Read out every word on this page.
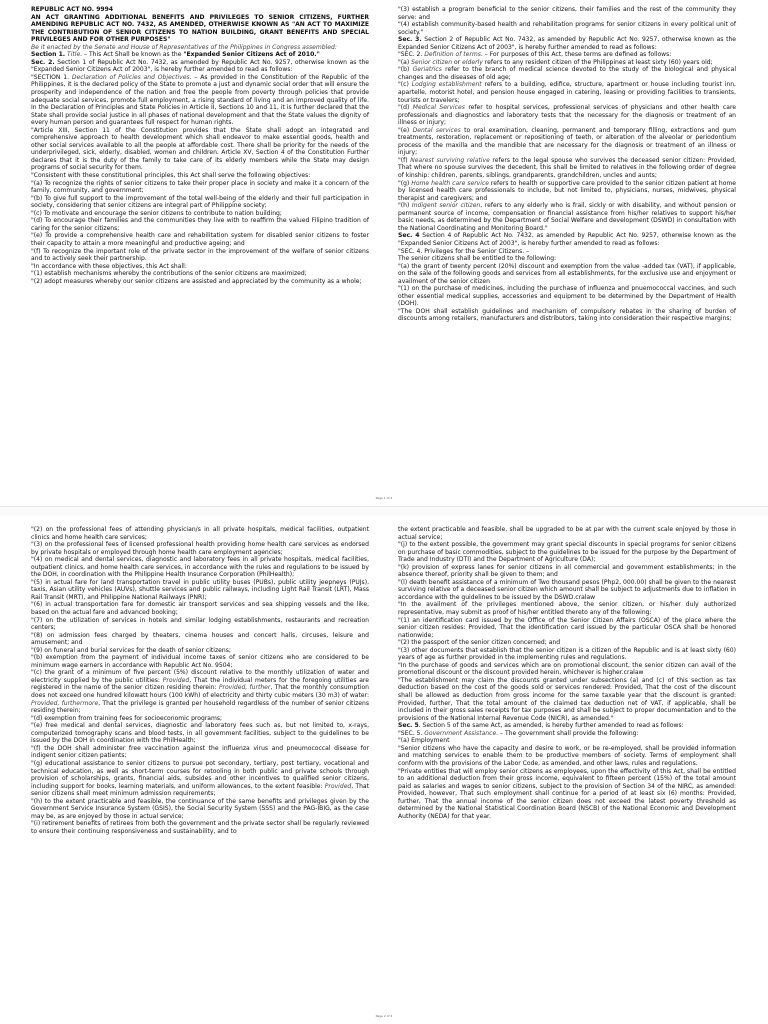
REPUBLIC ACT NO. 9994

AN ACT GRANTING ADDITIONAL BENEFITS AND PRIVILEGES TO SENIOR CITIZENS, FURTHER AMENDING REPUBLIC ACT NO. 7432, AS AMENDED, OTHERWISE KNOWN AS "AN ACT TO MAXIMIZE THE CONTRIBUTION OF SENIOR CITIZENS TO NATION BUILDING, GRANT BENEFITS AND SPECIAL PRIVILEGES AND FOR OTHER PURPOSES"

Be it enacted by the Senate and House of Representatives of the Philippines in Congress assembled:

Section 1. Title. – This Act Shall be known as the "Expanded Senior Citizens Act of 2010."

Sec. 2. Section 1 of Republic Act No. 7432, as amended by Republic Act No. 9257, otherwise known as the "Expanded Senior Citizens Act of 2003", is hereby further amended to read as follows:

"SECTION 1. Declaration of Policies and Objectives. – As provided in the Constitution of the Republic of the Philippines, it is the declared policy of the State to promote a just and dynamic social order that will ensure the prosperity and independence of the nation and free the people from poverty through policies that provide adequate social services, promote full employment, a rising standard of living and an improved quality of life. In the Declaration of Principles and State Policies in Article II, Sections 10 and 11, it is further declared that the State shall provide social justice in all phases of national development and that the State values the dignity of every human person and guarantees full respect for human rights.

"Article XIII, Section 11 of the Constitution provides that the State shall adopt an integrated and comprehensive approach to health development which shall endeavor to make essential goods, health and other social services available to all the people at affordable cost. There shall be priority for the needs of the underprivileged, sick, elderly, disabled, women and children. Article XV, Section 4 of the Constitution Further declares that it is the duty of the family to take care of its elderly members while the State may design programs of social security for them.

"Consistent with these constitutional principles, this Act shall serve the following objectives:

"(a) To recognize the rights of senior citizens to take their proper place in society and make it a concern of the family, community, and government;

"(b) To give full support to the improvement of the total well-being of the elderly and their full participation in society, considering that senior citizens are integral part of Philippine society;

"(c) To motivate and encourage the senior citizens to contribute to nation building;

"(d) To encourage their families and the communities they live with to reaffirm the valued Filipino tradition of caring for the senior citizens;

"(e) To provide a comprehensive health care and rehabilitation system for disabled senior citizens to foster their capacity to attain a more meaningful and productive ageing; and

"(f) To recognize the important role of the private sector in the improvement of the welfare of senior citizens and to actively seek their partnership.

"In accordance with these objectives, this Act shall:

"(1) establish mechanisms whereby the contributions of the senior citizens are maximized;

"(2) adopt measures whereby our senior citizens are assisted and appreciated by the community as a whole;

"(3) establish a program beneficial to the senior citizens, their families and the rest of the community they serve: and

"(4) establish community-based health and rehabilitation programs for senior citizens in every political unit of society."

Sec. 3. Section 2 of Republic Act No. 7432, as amended by Republic Act No. 9257, otherwise known as the Expanded Senior Citizens Act of 2003", is hereby further amended to read as follows:

"SEC. 2. Definition of terms. – For purposes of this Act, these terms are defined as follows:

"(a) Senior citizen or elderly refers to any resident citizen of the Philippines at least sixty (60) years old;

"(b) Geriatrics refer to the branch of medical science devoted to the study of the biological and physical changes and the diseases of old age;

"(c) Lodging establishment refers to a building, edifice, structure, apartment or house including tourist inn, apartelle, motorist hotel, and pension house engaged in catering, leasing or providing facilities to transients, tourists or travelers;

"(d) Medical Services refer to hospital services, professional services of physicians and other health care professionals and diagnostics and laboratory tests that the necessary for the diagnosis or treatment of an illness or injury;

"(e) Dental services to oral examination, cleaning, permanent and temporary filling, extractions and gum treatments, restoration, replacement or repositioning of teeth, or alteration of the alveolar or periodontium process of the maxilla and the mandible that are necessary for the diagnosis or treatment of an illness or injury;

"(f) Nearest surviving relative refers to the legal spouse who survives the deceased senior citizen: Provided, That where no spouse survives the decedent, this shall be limited to relatives in the following order of degree of kinship: children, parents, siblings, grandparents, grandchildren, uncles and aunts;

"(g) Home health care service refers to health or supportive care provided to the senior citizen patient at home by licensed health care professionals to include, but not limited to, physicians, nurses, midwives, physical therapist and caregivers; and

"(h) Indigent senior citizen, refers to any elderly who is frail, sickly or with disability, and without pension or permanent source of income, compensation or financial assistance from his/her relatives to support his/her basic needs, as determined by the Department of Social Welfare and development (DSWD) in consultation with the National Coordinating and Monitoring Board."

Sec. 4 Section 4 of Republic Act No. 7432, as amended by Republic Act No. 9257, otherwise known as the "Expanded Senior Citizens Act of 2003", is hereby further amended to read as follows:

"SEC. 4. Privileges for the Senior Citizens. –

The senior citizens shall be entitled to the following:

"(a) the grant of twenty percent (20%) discount and exemption from the value -added tax (VAT), if applicable, on the sale of the following goods and services from all establishments, for the exclusive use and enjoyment or availment of the senior citizen

"(1) on the purchase of medicines, including the purchase of influenza and pnuemococcal vaccines, and such other essential medical supplies, accessories and equipment to be determined by the Department of Health (DOH).

"The DOH shall establish guidelines and mechanism of compulsory rebates in the sharing of burden of discounts among retailers, manufacturers and distributors, taking into consideration their respective margins;

Page 1 of 4

"(2) on the professional fees of attending physician/s in all private hospitals, medical facilities, outpatient clinics and home health care services;

"(3) on the professional fees of licensed professional health providing home health care services as endorsed by private hospitals or employed through home health care employment agencies;

"(4) on medical and dental services, diagnostic and laboratory fees in all private hospitals, medical facilities, outpatient clinics, and home health care services, in accordance with the rules and regulations to be issued by the DOH, in coordination with the Philippine Health Insurance Corporation (PhilHealth);

"(5) in actual fare for land transportation travel in public utility buses (PUBs), public utility jeepneys (PUJs), taxis, Asian utility vehicles (AUVs), shuttle services and public railways, including Light Rail Transit (LRT), Mass Rail Transit (MRT), and Philippine National Railways (PNR);

"(6) in actual transportation fare for domestic air transport services and sea shipping vessels and the like, based on the actual fare and advanced booking;

"(7) on the utilization of services in hotels and similar lodging establishments, restaurants and recreation centers;

"(8) on admission fees charged by theaters, cinema houses and concert halls, circuses, leisure and amusement; and

"(9) on funeral and burial services for the death of senior citizens;

"(b) exemption from the payment of individual income taxes of senior citizens who are considered to be minimum wage earners in accordance with Republic Act No. 9504;

"(c) the grant of a minimum of five percent (5%) discount relative to the monthly utilization of water and electricity supplied by the public utilities: Provided, That the individual meters for the foregoing utilities are registered in the name of the senior citizen residing therein: Provided, further, That the monthly consumption does not exceed one hundred kilowatt hours (100 kWh) of electricity and thirty cubic meters (30 m3) of water: Provided, furthermore, That the privilege is granted per household regardless of the number of senior citizens residing therein;

"(d) exemption from training fees for socioeconomic programs;

"(e) free medical and dental services, diagnostic and laboratory fees such as, but not limited to, x-rays, computerized tomography scans and blood tests, in all government facilities, subject to the guidelines to be issued by the DOH in coordination with the PhilHealth;

"(f) the DOH shall administer free vaccination against the influenza virus and pneumococcal disease for indigent senior citizen patients;

"(g) educational assistance to senior citizens to pursue pot secondary, tertiary, post tertiary, vocational and technical education, as well as short-term courses for retooling in both public and private schools through provision of scholarships, grants, financial aids, subsides and other incentives to qualified senior citizens, including support for books, learning materials, and uniform allowances, to the extent feasible: Provided, That senior citizens shall meet minimum admission requirements;

"(h) to the extent practicable and feasible, the continuance of the same benefits and privileges given by the Government Service Insurance System (GSIS), the Social Security System (SSS) and the PAG-IBIG, as the case may be, as are enjoyed by those in actual service;

"(i) retirement benefits of retirees from both the government and the private sector shall be regularly reviewed to ensure their continuing responsiveness and sustainability, and to

the extent practicable and feasible, shall be upgraded to be at par with the current scale enjoyed by those in actual service;

"(j) to the extent possible, the government may grant special discounts in special programs for senior citizens on purchase of basic commodities, subject to the guidelines to be issued for the purpose by the Department of Trade and Industry (DTI) and the Department of Agriculture (DA);

"(k) provision of express lanes for senior citizens in all commercial and government establishments; in the absence thereof, priority shall be given to them; and

"(l) death benefit assistance of a minimum of Two thousand pesos (Php2, 000.00) shall be given to the nearest surviving relative of a deceased senior citizen which amount shall be subject to adjustments due to inflation in accordance with the guidelines to be issued by the DSWD.cralaw

"In the availment of the privileges mentioned above, the senior citizen, or his/her duly authorized representative, may submit as proof of his/her entitled thereto any of the following:

"(1) an identification card issued by the Office of the Senior Citizen Affairs (OSCA) of the place where the senior citizen resides: Provided, That the identification card issued by the particular OSCA shall be honored nationwide;

"(2) the passport of the senior citizen concerned; and

"(3) other documents that establish that the senior citizen is a citizen of the Republic and is at least sixty (60) years of age as further provided in the implementing rules and regulations.

"In the purchase of goods and services which are on promotional discount, the senior citizen can avail of the promotional discount or the discount provided herein, whichever is higher.cralaw

"The establishment may claim the discounts granted under subsections (a) and (c) of this section as tax deduction based on the cost of the goods sold or services rendered: Provided, That the cost of the discount shall be allowed as deduction from gross income for the same taxable year that the discount is granted: Provided, further, That the total amount of the claimed tax deduction net of VAT, if applicable, shall be included in their gross sales receipts for tax purposes and shall be subject to proper documentation and to the provisions of the National Internal Revenue Code (NICR), as amended."

Sec. 5. Section 5 of the same Act, as amended, is hereby further amended to read as follows:

"SEC. 5. Government Assistance. – The government shall provide the following:

"(a) Employment

"Senior citizens who have the capacity and desire to work, or be re-employed, shall be provided information and matching services to enable them to be productive members of society. Terms of employment shall conform with the provisions of the Labor Code, as amended, and other laws, rules and regulations.

"Private entities that will employ senior citizens as employees, upon the effectivity of this Act, shall be entitled to an additional deduction from their gross income, equivalent to fifteen percent (15%) of the total amount paid as salaries and wages to senior citizens, subject to the provision of Section 34 of the NIRC, as amended: Provided, however, That such employment shall continue for a period of at least six (6) months: Provided, further, That the annual income of the senior citizen does not exceed the latest poverty threshold as determined by the National Statistical Coordination Board (NSCB) of the National Economic and Development Authority (NEDA) for that year.

Page 2 of 4
